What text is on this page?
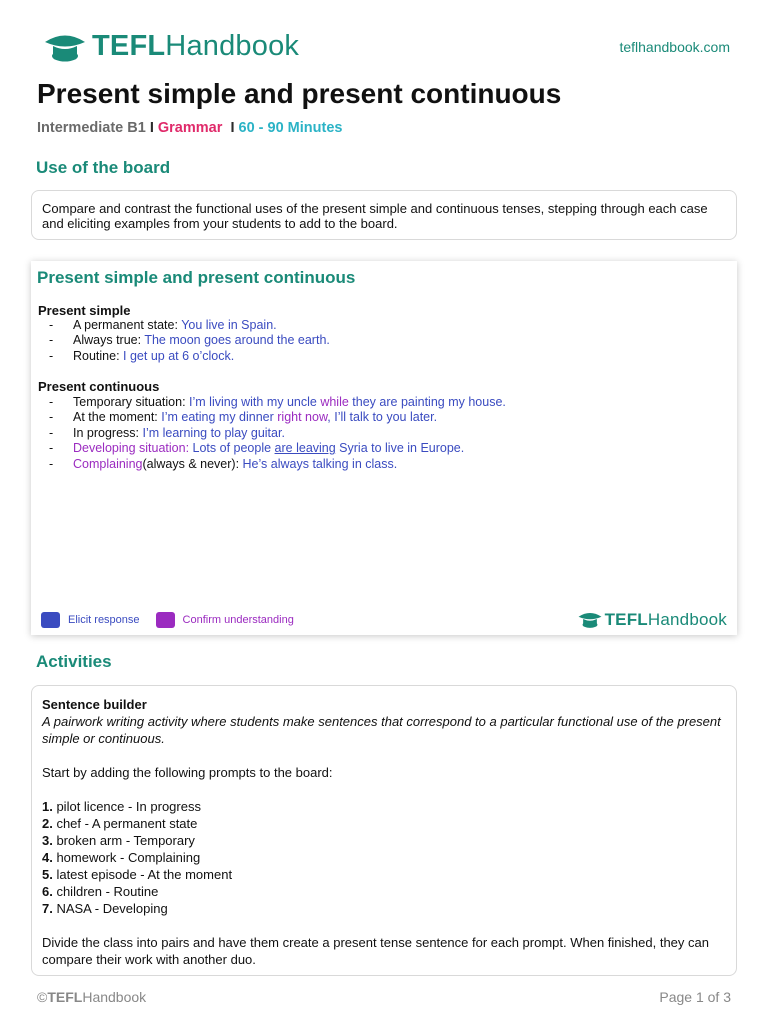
TEFLHandbook	teflhandbook.com
Present simple and present continuous
Intermediate B1 I Grammar I 60 - 90 Minutes
Use of the board
Compare and contrast the functional uses of the present simple and continuous tenses, stepping through each case and eliciting examples from your students to add to the board.
Present simple and present continuous
Present simple
- A permanent state: You live in Spain.
- Always true: The moon goes around the earth.
- Routine: I get up at 6 o’clock.
Present continuous
- Temporary situation: I’m living with my uncle while they are painting my house.
- At the moment: I’m eating my dinner right now, I’ll talk to you later.
- In progress: I’m learning to play guitar.
- Developing situation: Lots of people are leaving Syria to live in Europe.
- Complaining(always & never): He’s always talking in class.
Elicit response	Confirm understanding	TEFLHandbook
Activities

Sentence builder

A pairwork writing activity where students make sentences that correspond to a particular functional use of the present simple or continuous.

Start by adding the following prompts to the board:

1. pilot licence - In progress
2. chef - A permanent state
3. broken arm - Temporary
4. homework - Complaining
5. latest episode - At the moment
6. children - Routine
7. NASA - Developing

Divide the class into pairs and have them create a present tense sentence for each prompt. When finished, they can compare their work with another duo.

©TEFLHandbook	Page 1 of 3
